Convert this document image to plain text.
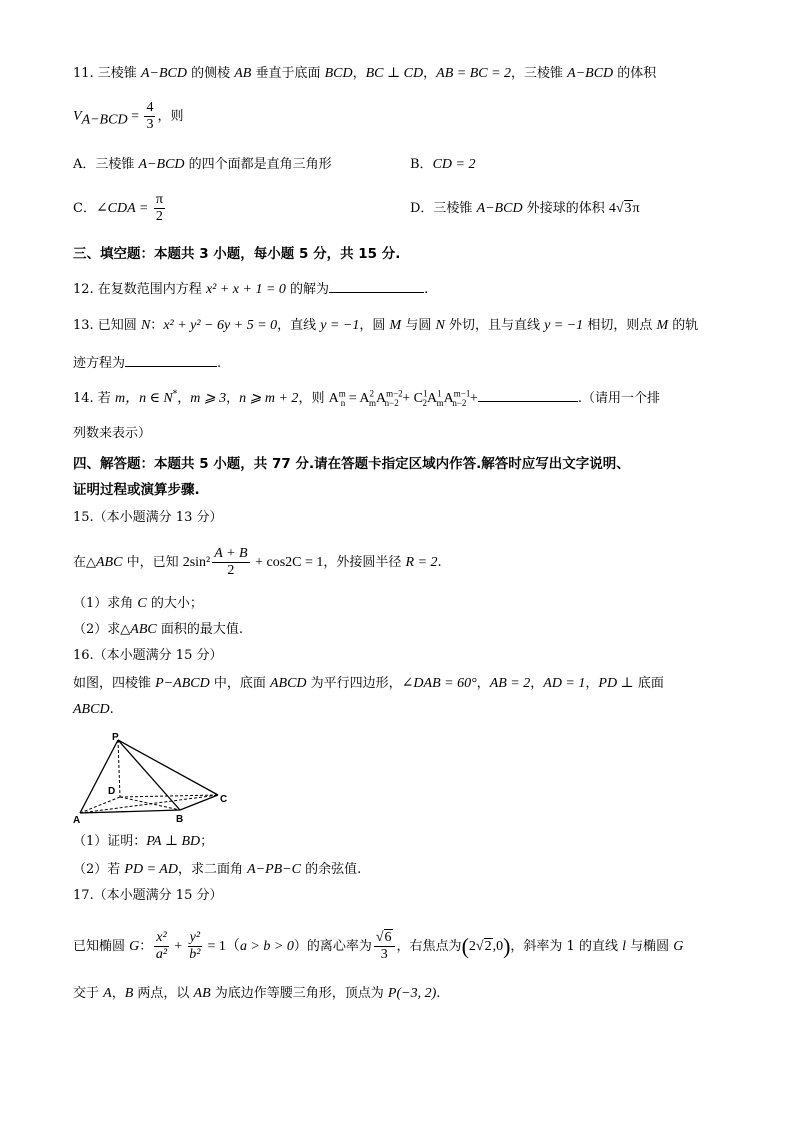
11. 三棱锥 A−BCD 的侧棱 AB 垂直于底面 BCD，BC ⊥ CD，AB = BC = 2，三棱锥 A−BCD 的体积
$V_{A-BCD} = \frac{4}{3}$ ，则
A．三棱锥 A−BCD 的四个面都是直角三角形	B．CD = 2
C．∠CDA = $\frac{\pi}{2}$	D．三棱锥 A−BCD 外接球的体积 4√3π
三、填空题：本题共 3 小题，每小题 5 分，共 15 分.
12. 在复数范围内方程 x² + x + 1 = 0 的解为	.
13. 已知圆 N：x² + y² − 6y + 5 = 0，直线 y = −1，圆 M 与圆 N 外切，且与直线 y = −1 相切，则点 M 的轨
迹方程为	.
14. 若 m，n ∈ N*，m ⩾ 3，n ⩾ m + 2，则 $A^m_n = A^2_mA^{m-2}_{n-2} + C^1_2A^1_mA^{m-1}_{n-2}$ +	.（请用一个排
列数来表示）
四、解答题：本题共 5 小题，共 77 分.请在答题卡指定区域内作答.解答时应写出文字说明、
证明过程或演算步骤.
15.（本小题满分 13 分）
在△ABC 中，已知 $2\sin^2 \frac{A + B}{2} + \cos 2C = 1$，外接圆半径 R = 2.
（1）求角 C 的大小；
（2）求△ABC 面积的最大值.
16.（本小题满分 15 分）
如图，四棱锥 P−ABCD 中，底面 ABCD 为平行四边形，∠DAB = 60°，AB = 2，AD = 1，PD ⊥ 底面
ABCD.
P
D
A	B
C
（1）证明：PA ⊥ BD；
（2）若 PD = AD，求二面角 A−PB−C 的余弦值.
17.（本小题满分 15 分）
已知椭圆 G： $\frac{\text{x²}}{\text{a²}} + \frac{\text{y²}}{\text{b²}} = 1(a > b > 0)$的离心率为 $\frac{√6}{3}$ ，右焦点为(2√2,0)，斜率为 1 的直线 l 与椭圆 G
交于 A，B 两点，以 AB 为底边作等腰三角形，顶点为 P(−3, 2).
